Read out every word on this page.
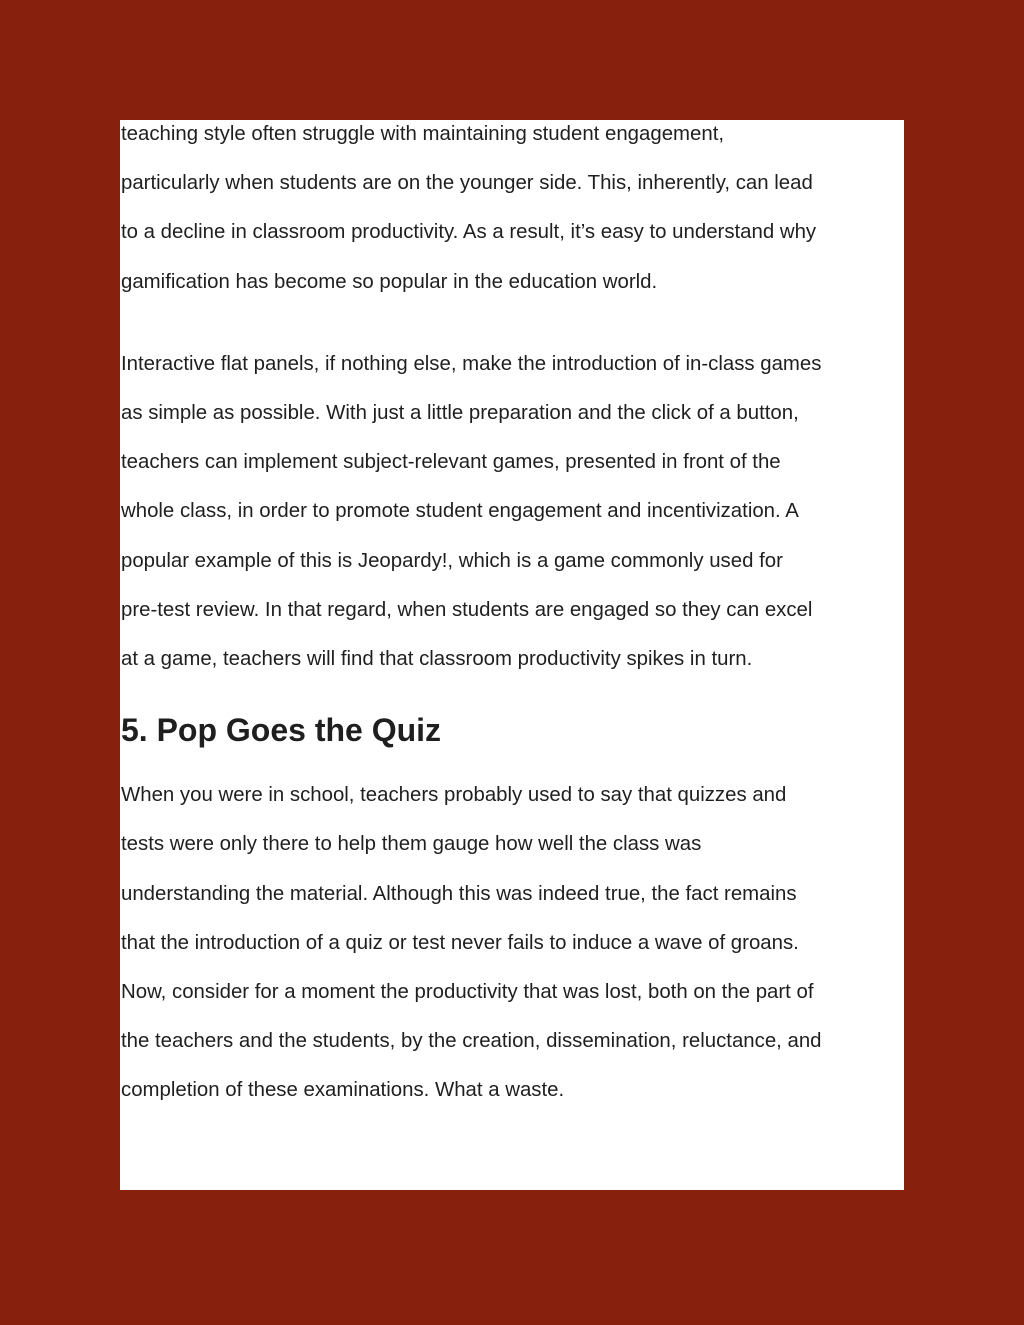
teaching style often struggle with maintaining student engagement,
particularly when students are on the younger side. This, inherently, can lead
to a decline in classroom productivity. As a result, it’s easy to understand why
gamification has become so popular in the education world.

Interactive flat panels, if nothing else, make the introduction of in-class games
as simple as possible. With just a little preparation and the click of a button,
teachers can implement subject-relevant games, presented in front of the
whole class, in order to promote student engagement and incentivization. A
popular example of this is Jeopardy!, which is a game commonly used for
pre-test review. In that regard, when students are engaged so they can excel
at a game, teachers will find that classroom productivity spikes in turn.

5. Pop Goes the Quiz

When you were in school, teachers probably used to say that quizzes and
tests were only there to help them gauge how well the class was
understanding the material. Although this was indeed true, the fact remains
that the introduction of a quiz or test never fails to induce a wave of groans.
Now, consider for a moment the productivity that was lost, both on the part of
the teachers and the students, by the creation, dissemination, reluctance, and
completion of these examinations. What a waste.
